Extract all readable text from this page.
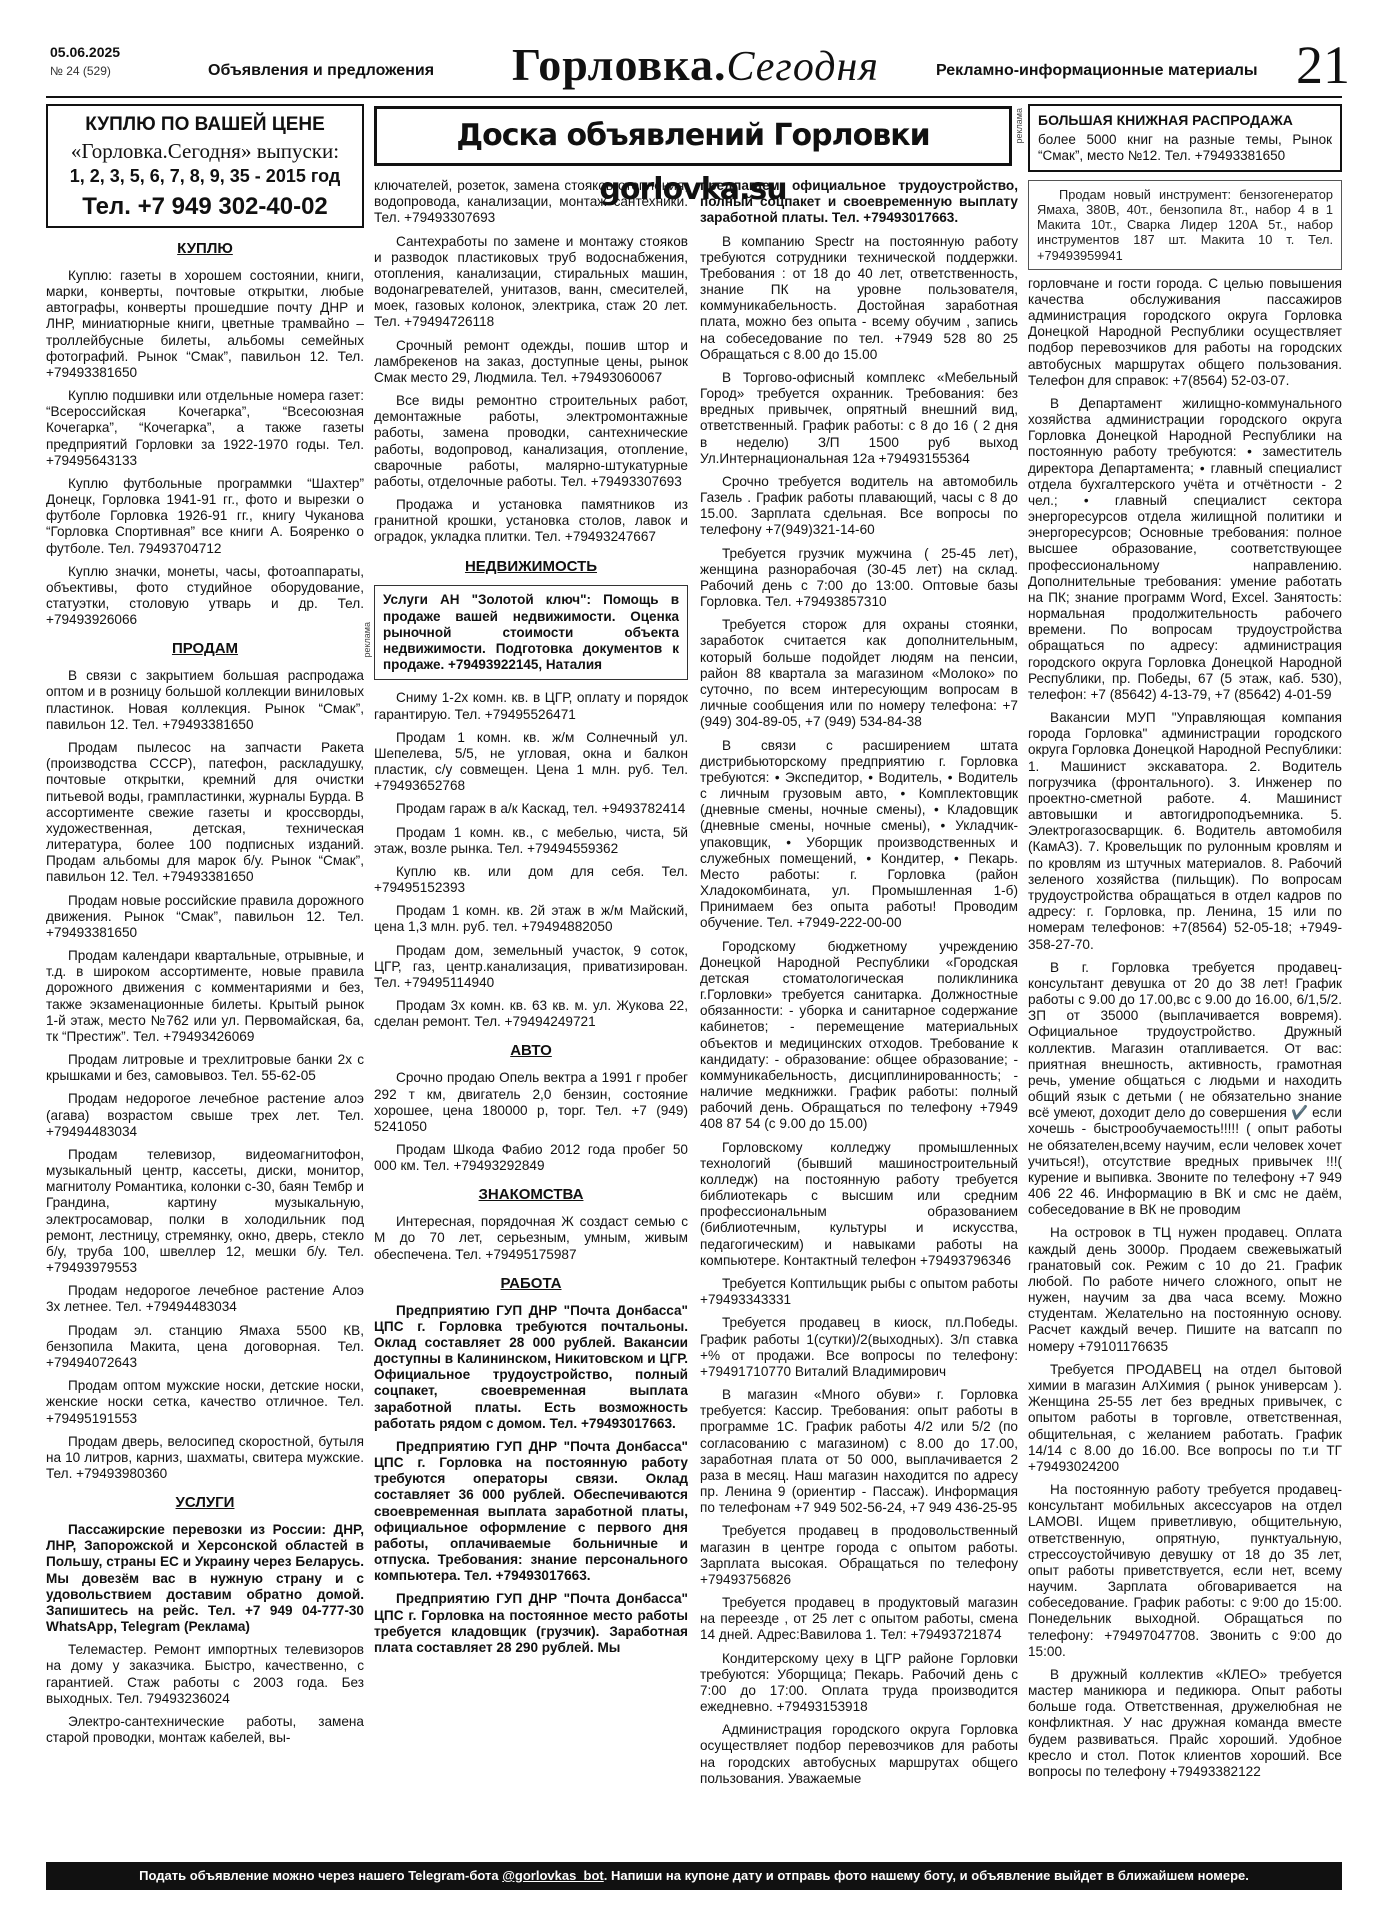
05.06.2025
№ 24 (529)	Объявления и предложения Горловка.Сегодня	Рекламно-информационные материалы 21
Доска объявлений Горловки gorlovka.su
реклама
КУПЛЮ ПО ВАШЕЙ ЦЕНЕ
«Горловка.Сегодня» выпуски:
1, 2, 3, 5, 6, 7, 8, 9, 35 - 2015 год
Тел. +7 949 302-40-02
КУПЛЮ

Куплю: газеты в хорошем состоянии, книги, марки, конверты, почтовые открытки, любые автографы, конверты прошедшие почту ДНР и ЛНР, миниатюрные книги, цветные трамвайно – троллейбусные билеты, альбомы семейных фотографий. Рынок “Смак”, павильон 12. Тел. +79493381650

Куплю подшивки или отдельные номера газет: “Всероссийская Кочегарка”, “Всесоюзная Кочегарка”, “Кочегарка”, а также газеты предприятий Горловки за 1922-1970 годы. Тел. +79495643133

Куплю футбольные программки “Шахтер” Донецк, Горловка 1941-91 гг., фото и вырезки о футболе Горловка 1926-91 гг., книгу Чуканова “Горловка Спортивная” все книги А. Бояренко о футболе. Тел. 79493704712

Куплю значки, монеты, часы, фотоаппараты, объективы, фото студийное оборудование, статуэтки, столовую утварь и др. Тел. +79493926066

ПРОДАМ

В связи с закрытием большая распродажа оптом и в розницу большой коллекции виниловых пластинок. Новая коллекция. Рынок “Смак”, павильон 12. Тел. +79493381650

Продам пылесос на запчасти Ракета (производства СССР), патефон, раскладушку, почтовые открытки, кремний для очистки питьевой воды, грампластинки, журналы Бурда. В ассортименте свежие газеты и кроссворды, художественная, детская, техническая литература, более 100 подписных изданий. Продам альбомы для марок б/у. Рынок “Смак”, павильон 12. Тел. +79493381650

Продам новые российские правила дорожного движения. Рынок “Смак”, павильон 12. Тел. +79493381650

Продам календари квартальные, отрывные, и т.д. в широком ассортименте, новые правила дорожного движения с комментариями и без, также экзаменационные билеты. Крытый рынок 1-й этаж, место №762 или ул. Первомайская, 6а, тк “Престиж”. Тел. +79493426069

Продам литровые и трехлитровые банки 2х с крышками и без, самовывоз. Тел. 55-62-05

Продам недорогое лечебное растение алоэ (агава) возрастом свыше трех лет. Тел. +79494483034

Продам телевизор, видеомагнитофон, музыкальный центр, кассеты, диски, монитор, магнитолу Романтика, колонки с-30, баян Тембр и Грандина, картину музыкальную, электросамовар, полки в холодильник под ремонт, лестницу, стремянку, окно, дверь, стекло б/у, труба 100, швеллер 12, мешки б/у. Тел. +79493979553

Продам недорогое лечебное растение Алоэ 3х летнее. Тел. +79494483034

Продам эл. станцию Ямаха 5500 КВ, бензопила Макита, цена договорная. Тел. +79494072643

Продам оптом мужские носки, детские носки, женские носки сетка, качество отличное. Тел. +79495191553

Продам дверь, велосипед скоростной, бутыля на 10 литров, карниз, шахматы, свитера мужские. Тел. +79493980360

УСЛУГИ

Пассажирские перевозки из России: ДНР, ЛНР, Запорожской и Херсонской областей в Польшу, страны ЕС и Украину через Беларусь. Мы довезём вас в нужную страну и с удовольствием доставим обратно домой. Запишитесь на рейс. Тел. +7 949 04-777-30 WhatsApp, Telegram (Реклама)

Телемастер. Ремонт импортных телевизоров на дому у заказчика. Быстро, качественно, с гарантией. Стаж работы с 2003 года. Без выходных. Тел. 79493236024

Электро-сантехнические работы, замена старой проводки, монтаж кабелей, вы-

ключателей, розеток, замена стояков отопления, водопровода, канализации, монтаж сантехники. Тел. +79493307693

Сантехработы по замене и монтажу стояков и разводок пластиковых труб водоснабжения, отопления, канализации, стиральных машин, водонагревателей, унитазов, ванн, смесителей, моек, газовых колонок, электрика, стаж 20 лет. Тел. +79494726118

Срочный ремонт одежды, пошив штор и ламбрекенов на заказ, доступные цены, рынок Смак место 29, Людмила. Тел. +79493060067

Все виды ремонтно строительных работ, демонтажные работы, электромонтажные работы, замена проводки, сантехнические работы, водопровод, канализация, отопление, сварочные работы, малярно-штукатурные работы, отделочные работы. Тел. +79493307693

Продажа и установка памятников из гранитной крошки, установка столов, лавок и оградок, укладка плитки. Тел. +79493247667

НЕДВИЖИМОСТЬ
Услуги АН "Золотой ключ": Помощь в продаже вашей недвижимости. Оценка рыночной стоимости объекта недвижимости. Подготовка документов к продаже. +79493922145, Наталия

Сниму 1-2х комн. кв. в ЦГР, оплату и порядок гарантирую. Тел. +79495526471

Продам 1 комн. кв. ж/м Солнечный ул. Шепелева, 5/5, не угловая, окна и балкон пластик, с/у совмещен. Цена 1 млн. руб. Тел. +79493652768

Продам гараж в а/к Каскад, тел. +9493782414

Продам 1 комн. кв., с мебелью, чиста, 5й этаж, возле рынка. Тел. +79494559362

Куплю кв. или дом для себя. Тел. +79495152393

Продам 1 комн. кв. 2й этаж в ж/м Майский, цена 1,3 млн. руб. тел. +79494882050

Продам дом, земельный участок, 9 соток, ЦГР, газ, центр.канализация, приватизирован. Тел. +79495114940

Продам 3х комн. кв. 63 кв. м. ул. Жукова 22, сделан ремонт. Тел. +79494249721

АВТО

Срочно продаю Опель вектра а 1991 г пробег 292 т км, двигатель 2,0 бензин, состояние хорошее, цена 180000 р, торг. Тел. +7 (949) 5241050

Продам Шкода Фабио 2012 года пробег 50 000 км. Тел. +79493292849

ЗНАКОМСТВА

Интересная, порядочная Ж создаст семью с М до 70 лет, серьезным, умным, живым обеспечена. Тел. +79495175987

РАБОТА

Предприятию ГУП ДНР "Почта Донбасса" ЦПС г. Горловка требуются почтальоны. Оклад составляет 28 000 рублей. Вакансии доступны в Калининском, Никитовском и ЦГР. Официальное трудоустройство, полный соцпакет, своевременная выплата заработной платы. Есть возможность работать рядом с домом. Тел. +79493017663.

Предприятию ГУП ДНР "Почта Донбасса" ЦПС г. Горловка на постоянную работу требуются операторы связи. Оклад составляет 36 000 рублей. Обеспечиваются своевременная выплата заработной платы, официальное оформление с первого дня работы, оплачиваемые больничные и отпуска. Требования: знание персонального компьютера. Тел. +79493017663.

Предприятию ГУП ДНР "Почта Донбасса" ЦПС г. Горловка на постоянное место работы требуется кладовщик (грузчик). Заработная плата составляет 28 290 рублей. Мы

реклама

предлагаем официальное трудоустройство, полный соцпакет и своевременную выплату заработной платы. Тел. +79493017663.

В компанию Spectr на постоянную работу требуются сотрудники технической поддержки. Требования : от 18 до 40 лет, ответственность, знание ПК на уровне пользователя, коммуникабельность. Достойная заработная плата, можно без опыта - всему обучим , запись на собеседование по тел. +7949 528 80 25 Обращаться с 8.00 до 15.00

В Торгово-офисный комплекс «Мебельный Город» требуется охранник. Требования: без вредных привычек, опрятный внешний вид, ответственный. График работы: с 8 до 16 ( 2 дня в неделю) З/П 1500 руб выход Ул.Интернациональная 12а +79493155364

Срочно требуется водитель на автомобиль Газель . График работы плавающий, часы с 8 до 15.00. Зарплата сдельная. Все вопросы по телефону +7(949)321-14-60

Требуется грузчик мужчина ( 25-45 лет), женщина разнорабочая (30-45 лет) на склад. Рабочий день с 7:00 до 13:00. Оптовые базы Горловка. Тел. +79493857310

Требуется сторож для охраны стоянки, заработок считается как дополнительным, который больше подойдет людям на пенсии, район 88 квартала за магазином «Молоко» по суточно, по всем интересующим вопросам в личные сообщения или по номеру телефона: +7 (949) 304-89-05, +7 (949) 534-84-38

В связи с расширением штата дистрибьюторскому предприятию г. Горловка требуются: • Экспедитор, • Водитель, • Водитель с личным грузовым авто, • Комплектовщик (дневные смены, ночные смены), • Кладовщик (дневные смены, ночные смены), • Укладчик-упаковщик, • Уборщик производственных и служебных помещений, • Кондитер, • Пекарь. Место работы: г. Горловка (район Хладокомбината, ул. Промышленная 1-б) Принимаем без опыта работы! Проводим обучение. Тел. +7949-222-00-00

Городскому бюджетному учреждению Донецкой Народной Республики «Городская детская стоматологическая поликлиника г.Горловки» требуется санитарка. Должностные обязанности: - уборка и санитарное содержание кабинетов; - перемещение материальных объектов и медицинских отходов. Требование к кандидату: - образование: общее образование; - коммуникабельность, дисциплинированность; - наличие медкнижки. График работы: полный рабочий день. Обращаться по телефону +7949 408 87 54 (с 9.00 до 15.00)

Горловскому колледжу промышленных технологий (бывший машиностроительный колледж) на постоянную работу требуется библиотекарь с высшим или средним профессиональным образованием (библиотечным, культуры и искусства, педагогическим) и навыками работы на компьютере. Контактный телефон +79493796346

Требуется Коптильщик рыбы с опытом работы +79493343331

Требуется продавец в киоск, пл.Победы. График работы 1(сутки)/2(выходных). З/п ставка +% от продажи. Все вопросы по телефону: +79491710770 Виталий Владимирович

В магазин «Много обуви» г. Горловка требуется: Кассир. Требования: опыт работы в программе 1С. График работы 4/2 или 5/2 (по согласованию с магазином) с 8.00 до 17.00, заработная плата от 50 000, выплачивается 2 раза в месяц. Наш магазин находится по адресу пр. Ленина 9 (ориентир - Пассаж). Информация по телефонам +7 949 502-56-24, +7 949 436-25-95

Требуется продавец в продовольственный магазин в центре города с опытом работы. Зарплата высокая. Обращаться по телефону +79493756826

Требуется продавец в продуктовый магазин на переезде , от 25 лет с опытом работы, смена 14 дней. Адрес:Вавилова 1. Тел: +79493721874

Кондитерскому цеху в ЦГР районе Горловки требуются: Уборщица; Пекарь. Рабочий день с 7:00 до 17:00. Оплата труда производится ежедневно. +79493153918

Администрация городского округа Горловка осуществляет подбор перевозчиков для работы на городских автобусных маршрутах общего пользования. Уважаемые

БОЛЬШАЯ КНИЖНАЯ РАСПРОДАЖА
более 5000 книг на разные темы, Рынок “Смак”, место №12. Тел. +79493381650
Продам новый инструмент: бензогенератор Ямаха, 380В, 40т., бензопила 8т., набор 4 в 1 Макита 10т., Сварка Лидер 120А 5т., набор инструментов 187 шт. Макита 10 т. Тел. +79493959941

горловчане и гости города. С целью повышения качества обслуживания пассажиров администрация городского округа Горловка Донецкой Народной Республики осуществляет подбор перевозчиков для работы на городских автобусных маршрутах общего пользования. Телефон для справок: +7(8564) 52-03-07.

В Департамент жилищно-коммунального хозяйства администрации городского округа Горловка Донецкой Народной Республики на постоянную работу требуются: • заместитель директора Департамента; • главный специалист отдела бухгалтерского учёта и отчётности - 2 чел.; • главный специалист сектора энергоресурсов отдела жилищной политики и энергоресурсов; Основные требования: полное высшее образование, соответствующее профессиональному направлению. Дополнительные требования: умение работать на ПК; знание программ Word, Excel. Занятость: нормальная продолжительность рабочего времени. По вопросам трудоустройства обращаться по адресу: администрация городского округа Горловка Донецкой Народной Республики, пр. Победы, 67 (5 этаж, каб. 530), телефон: +7 (85642) 4-13-79, +7 (85642) 4-01-59

Вакансии МУП "Управляющая компания города Горловка" администрации городского округа Горловка Донецкой Народной Республики: 1. Машинист экскаватора. 2. Водитель погрузчика (фронтального). 3. Инженер по проектно-сметной работе. 4. Машинист автовышки и автогидроподъемника. 5. Электрогазосварщик. 6. Водитель автомобиля (КамАЗ). 7. Кровельщик по рулонным кровлям и по кровлям из штучных материалов. 8. Рабочий зеленого хозяйства (пильщик). По вопросам трудоустройства обращаться в отдел кадров по адресу: г. Горловка, пр. Ленина, 15 или по номерам телефонов: +7(8564) 52-05-18; +7949-358-27-70.

В г. Горловка требуется продавец-консультант девушка от 20 до 38 лет! График работы с 9.00 до 17.00,вс с 9.00 до 16.00, 6/1,5/2. ЗП от 35000 (выплачивается вовремя). Официальное трудоустройство. Дружный коллектив. Магазин отапливается. От вас: приятная внешность, активность, грамотная речь, умение общаться с людьми и находить общий язык с детьми ( не обязательно знание всё умеют, доходит дело до совершения ✔️ если хочешь - быстрообучаемость!!!!! ( опыт работы не обязателен,всему научим, если человек хочет учиться!), отсутствие вредных привычек !!!( курение и выпивка. Звоните по телефону +7 949 406 22 46. Информацию в ВК и смс не даём, собеседование в ВК не проводим

На островок в ТЦ нужен продавец. Оплата каждый день 3000р. Продаем свежевыжатый гранатовый сок. Режим с 10 до 21. График любой. По работе ничего сложного, опыт не нужен, научим за два часа всему. Можно студентам. Желательно на постоянную основу. Расчет каждый вечер. Пишите на ватсапп по номеру +79101176635

Требуется ПРОДАВЕЦ на отдел бытовой химии в магазин АлХимия ( рынок универсам ). Женщина 25-55 лет без вредных привычек, с опытом работы в торговле, ответственная, общительная, с желанием работать. График 14/14 с 8.00 до 16.00. Все вопросы по т.и ТГ +79493024200

На постоянную работу требуется продавец-консультант мобильных аксессуаров на отдел LAMOBI. Ищем приветливую, общительную, ответственную, опрятную, пунктуальную, стрессоустойчивую девушку от 18 до 35 лет, опыт работы приветствуется, если нет, всему научим. Зарплата обговаривается на собеседование. График работы: с 9:00 до 15:00. Понедельник выходной. Обращаться по телефону: +79497047708. Звонить с 9:00 до 15:00.

В дружный коллектив «КЛЕО» требуется мастер маникюра и педикюра. Опыт работы больше года. Ответственная, дружелюбная не конфликтная. У нас дружная команда вместе будем развиваться. Прайс хороший. Удобное кресло и стол. Поток клиентов хороший. Все вопросы по телефону +79493382122

Подать объявление можно через нашего Telegram-бота @gorlovkas_bot. Напиши на купоне дату и отправь фото нашему боту, и объявление выйдет в ближайшем номере.
